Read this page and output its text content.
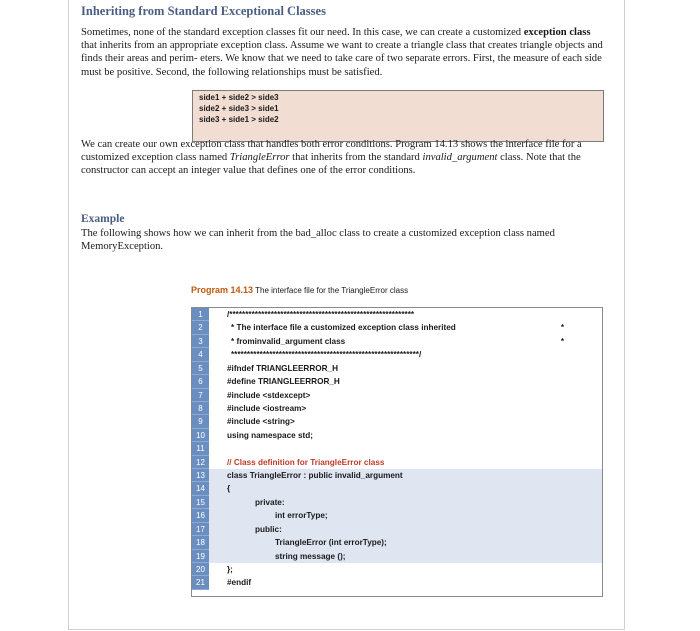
Inheriting from Standard Exceptional Classes
Sometimes, none of the standard exception classes fit our need. In this case, we can create a customized exception class that inherits from an appropriate exception class. Assume we want to create a triangle class that creates triangle objects and finds their areas and perim- eters. We know that we need to take care of two separate errors. First, the measure of each side must be positive. Second, the following relationships must be satisfied.
side1 + side2 > side3
side2 + side3 > side1
side3 + side1 > side2
We can create our own exception class that handles both error conditions. Program 14.13 shows the interface file for a customized exception class named TriangleError that inherits from the standard invalid_argument class. Note that the constructor can accept an integer value that defines one of the error conditions.
Example
The following shows how we can inherit from the bad_alloc class to create a customized exception class named MemoryException.
Program 14.13 The interface file for the TriangleError class
1	/**********************************************************
2	* The interface file a customized exception class inherited	*
3	* frominvalid_argument class	*
4	***********************************************************/
5	#ifndef TRIANGLEERROR_H
6	#define TRIANGLEERROR_H
7	#include <stdexcept>
8	#include <iostream>
9	#include <string>
10	using namespace std;
11
12	// Class definition for TriangleError class
13	class TriangleError : public invalid_argument
14	{
15	private:
16	int errorType;
17	public:
18	TriangleError (int errorType);
19	string message ();
20	};
21	#endif
